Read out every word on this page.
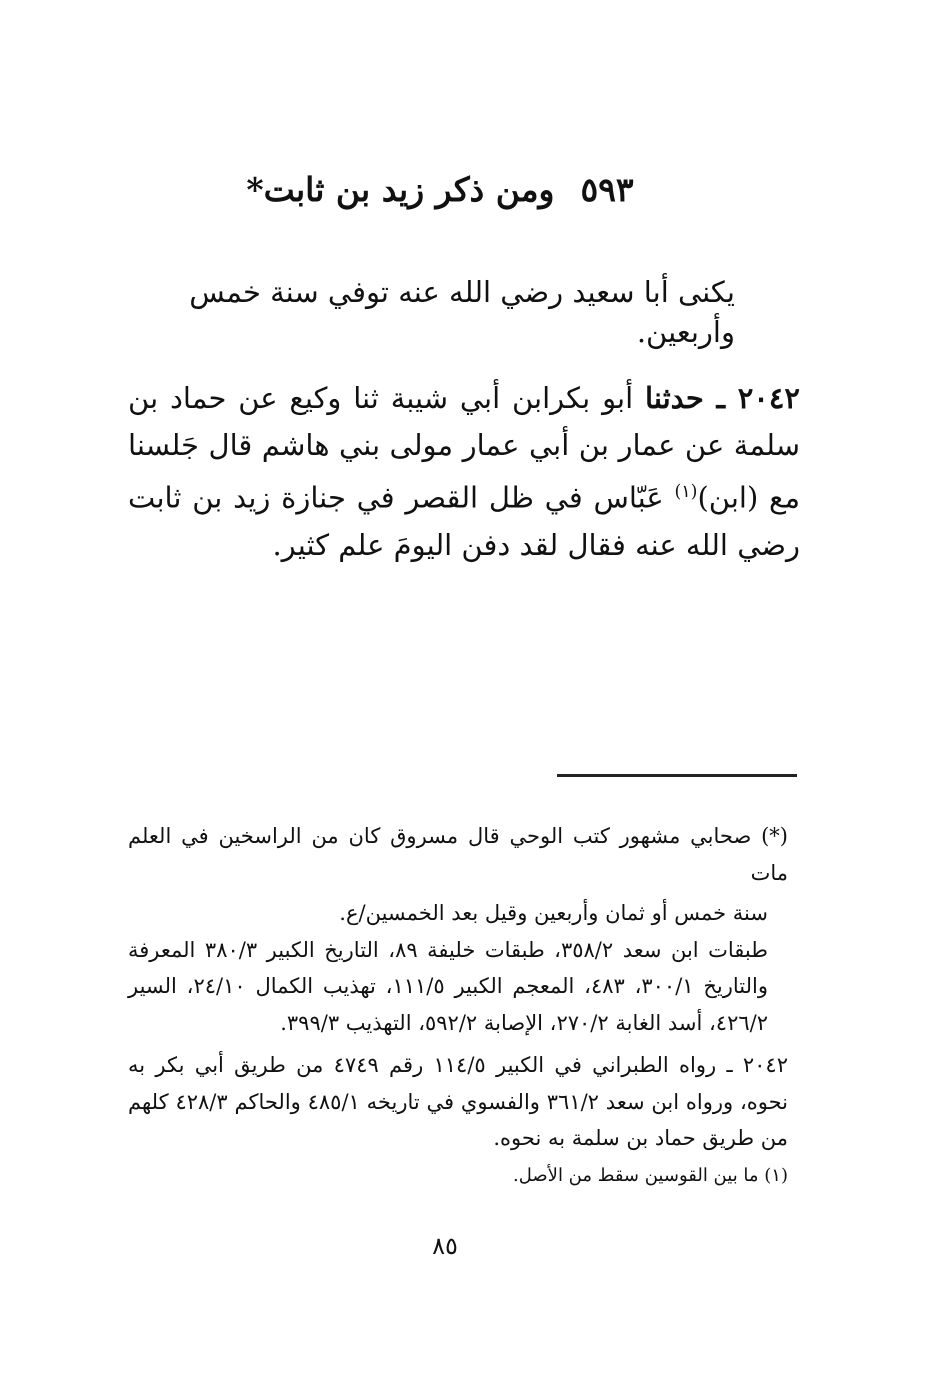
٥٩٣ومن ذكر زيد بن ثابت*
يكنى أبا سعيد رضي الله عنه توفي سنة خمس وأربعين.
٢٠٤٢ ـ حدثنا أبو بكرابن أبي شيبة ثنا وكيع عن حماد بن سلمة عن عمار بن أبي عمار مولى بني هاشم قال جَلسنا مع (ابن)$^{(١)}$ عَبّاس في ظل القصر في جنازة زيد بن ثابت رضي الله عنه فقال لقد دفن اليومَ علم كثير.

(*) صحابي مشهور كتب الوحي قال مسروق كان من الراسخين في العلم مات

سنة خمس أو ثمان وأربعين وقيل بعد الخمسين/ع.

طبقات ابن سعد ٣٥٨/٢، طبقات خليفة ٨٩، التاريخ الكبير ٣٨٠/٣ المعرفة والتاريخ ٣٠٠/١، ٤٨٣، المعجم الكبير ١١١/٥، تهذيب الكمال ٢٤/١٠، السير ٤٢٦/٢، أسد الغابة ٢٧٠/٢، الإصابة ٥٩٢/٢، التهذيب ٣٩٩/٣.

٢٠٤٢ ـ رواه الطبراني في الكبير ١١٤/٥ رقم ٤٧٤٩ من طريق أبي بكر به نحوه، ورواه ابن سعد ٣٦١/٢ والفسوي في تاريخه ٤٨٥/١ والحاكم ٤٢٨/٣ كلهم من طريق حماد بن سلمة به نحوه.

(١) ما بين القوسين سقط من الأصل.

٨٥
